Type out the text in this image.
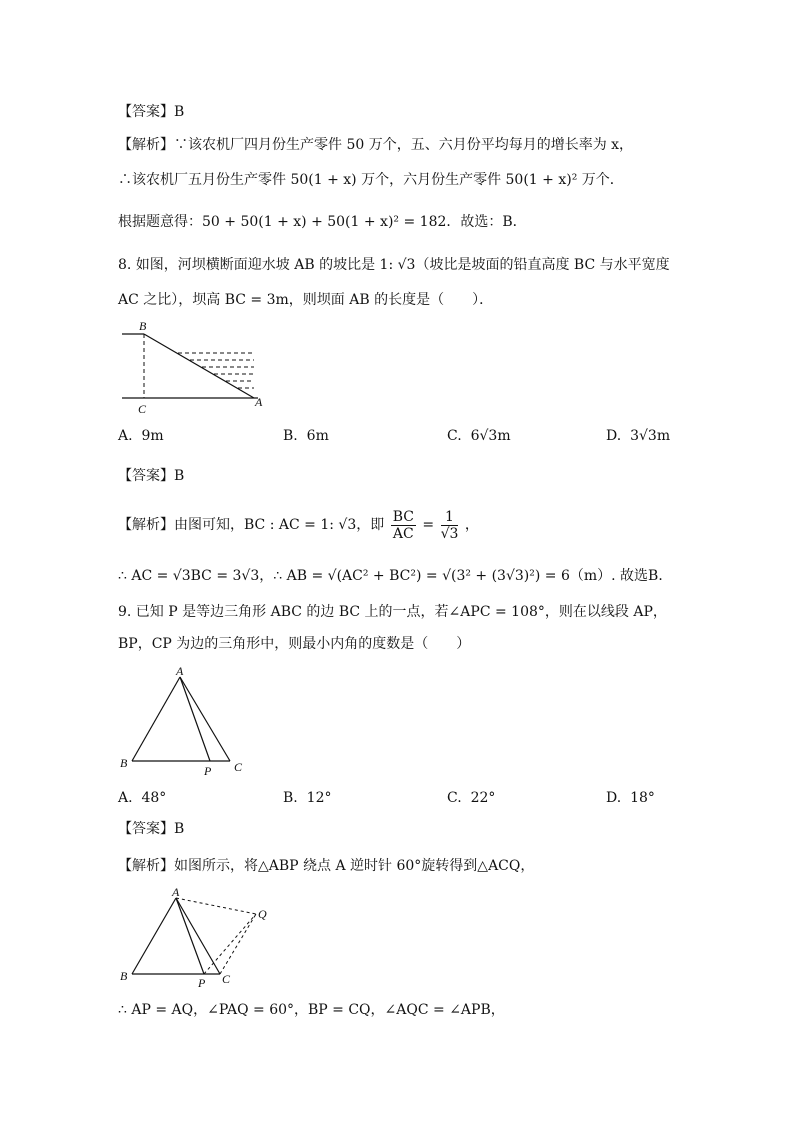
【答案】B
【解析】∵该农机厂四月份生产零件 50 万个，五、六月份平均每月的增长率为 x，
∴该农机厂五月份生产零件 50(1 + x) 万个，六月份生产零件 50(1 + x)² 万个．
根据题意得：50 + 50(1 + x) + 50(1 + x)² = 182．故选：B．
8. 如图，河坝横断面迎水坡 AB 的坡比是 1: √3（坡比是坡面的铅直高度 BC 与水平宽度
AC 之比），坝高 BC = 3m，则坝面 AB 的长度是（　　）．
B
C	A
A. 9m	B. 6m	C. 6√3m	D. 3√3m
【答案】B
【解析】由图可知，BC : AC = 1: √3，即 $\frac{BC}{AC} = \frac{1}{√3}$ ，
∴ AC = √3BC = 3√3，∴ AB = √(AC² + BC²) = √(3² + (3√3)²) = 6（m）. 故选B．
9. 已知 P 是等边三角形 ABC 的边 BC 上的一点，若∠APC = 108°，则在以线段 AP，
BP，CP 为边的三角形中，则最小内角的度数是（　　）
A
B
P C
A. 48°	B. 12°	C. 22°	D. 18°
【答案】B
【解析】如图所示，将△ABP 绕点 A 逆时针 60°旋转得到△ACQ，
A
Q
B	P C
∴ AP = AQ，∠PAQ = 60°，BP = CQ，∠AQC = ∠APB，
